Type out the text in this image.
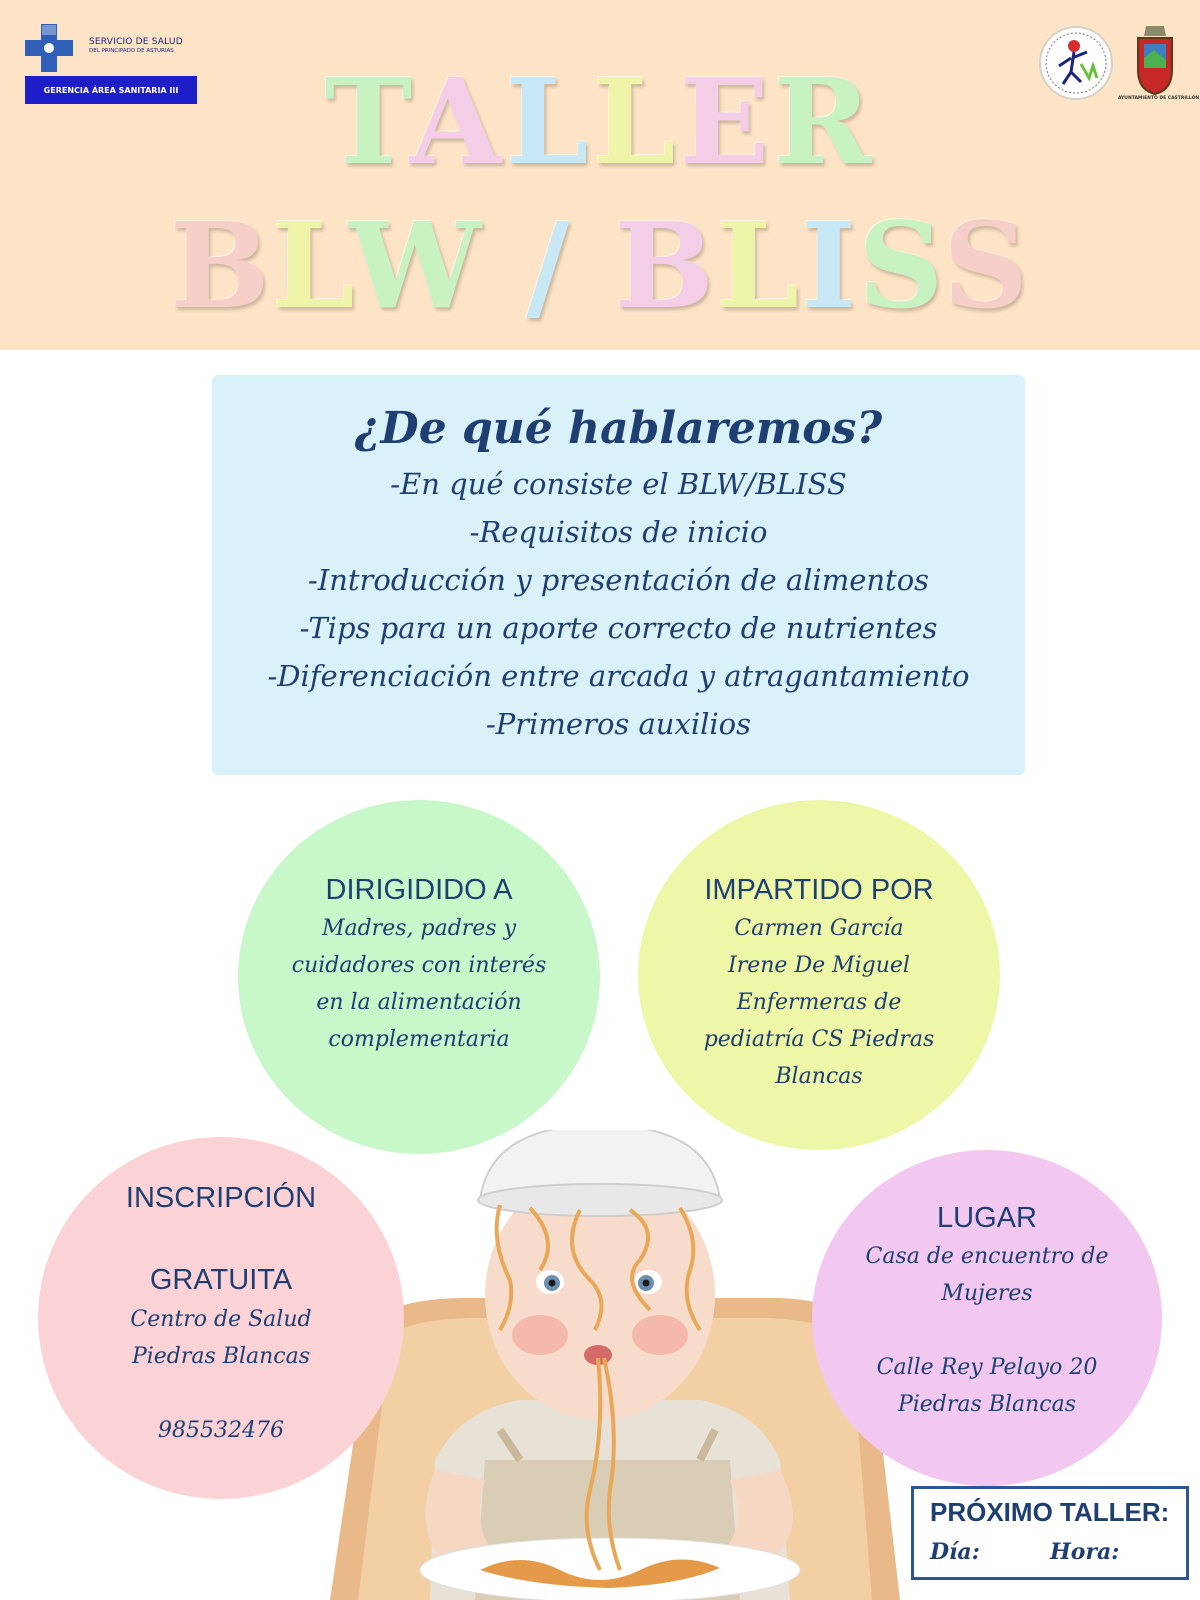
SERVICIO DE SALUD
DEL PRINCIPADO DE ASTURIAS
GERENCIA ÁREA SANITARIA III
AYUNTAMIENTO DE CASTRILLÓN
TALLER
BLW / BLISS
¿De qué hablaremos?
-En qué consiste el BLW/BLISS
-Requisitos de inicio
-Introducción y presentación de alimentos
-Tips para un aporte correcto de nutrientes
-Diferenciación entre arcada y atragantamiento
-Primeros auxilios
DIRIGIDIDO A
Madres, padres y
cuidadores con interés
en la alimentación
complementaria
IMPARTIDO POR
Carmen García
Irene De Miguel
Enfermeras de
pediatría CS Piedras
Blancas
INSCRIPCIÓN
GRATUITA
Centro de Salud
Piedras Blancas
985532476
LUGAR
Casa de encuentro de
Mujeres
Calle Rey Pelayo 20
Piedras Blancas
PRÓXIMO TALLER:
Día:	Hora:
